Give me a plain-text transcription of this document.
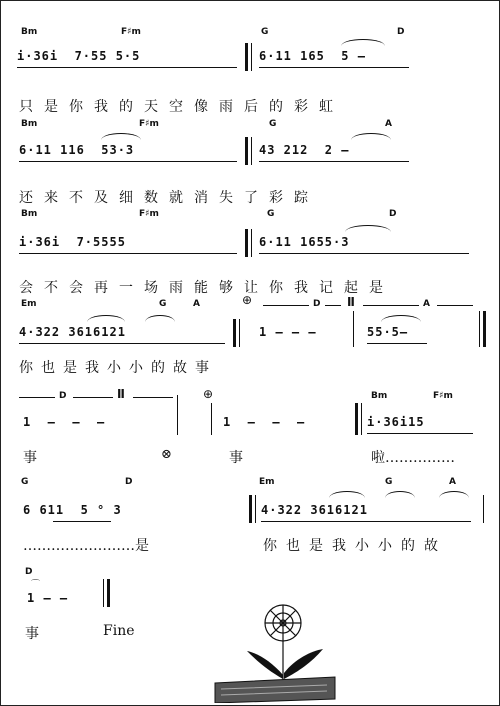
Bm	F♯m	G	D
i·36i  7·55 5·5	6·11 165  5 —
只是你我的天空像雨后的彩虹
Bm	F♯m	G	A
6·11 116  53·3	43 212  2 —
还来不及细数就消失了彩踪
Bm	F♯m	G	D
i·36i  7·5555	6·11 1655·3
会不会再一场雨能够让你我记起是
Em	G	A	⊕	D Ⅱ	A
4·322 3616121	1 — — —	55·5—
你也是我小小的故事
D	Ⅱ	⊕	Bm	F♯m
1  —  —  —	1  —  —  —	i·36i15
事	⊗	事	啦……………
G	D	Em	G	A
6 611  5 ° 3	4·322 3616121
……………………是	你也是我小小的故
D
⌒
1 — —
事	Fine
